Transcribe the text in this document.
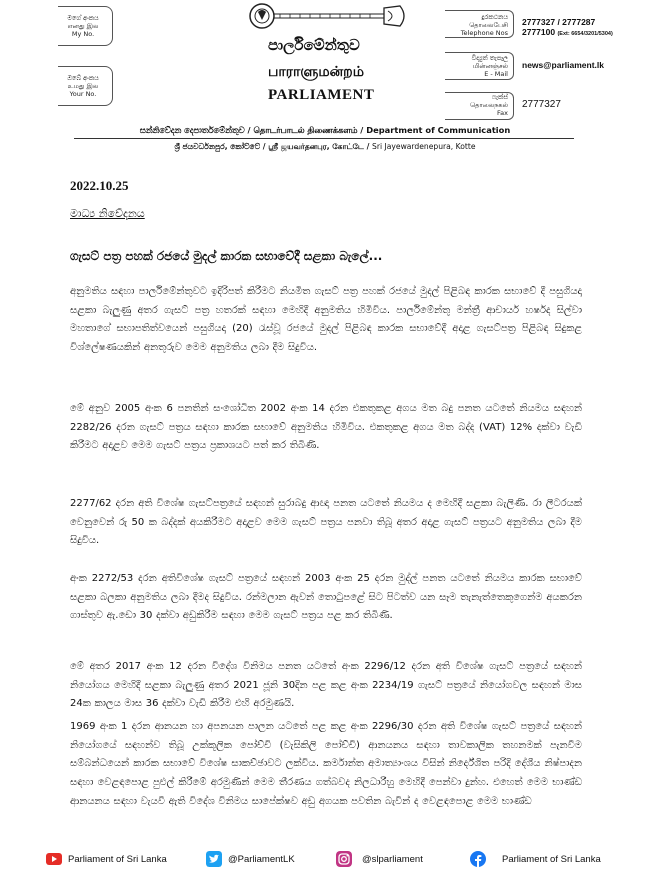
මගේ අංකය
எனது இல
My No.
ඔබේ අංකය
உமது இல
Your No.
පාර්ලිමේන්තුව
பாராளுமன்றம்
PARLIAMENT
දුරකථනය
தொலைபேசி
Telephone Nos
2777327 / 2777287
2777100 (Ext: 6654/3201/5304)
විද්‍යුත් තැපෑල
மின்னஞ்சல்
E - Mail
news@parliament.lk
ෆැක්ස්
தொலைநகல்
Fax
2777327
සන්නිවේදන දෙපාර්තමේන්තුව / தொடர்பாடல் திணைக்களம் / Department of Communication
ශ්‍රී ජයවර්ධනපුර, කෝට්ටේ / ஸ்ரீ ஜயவர்தனபுர, கோட்டே / Sri Jayewardenepura, Kotte
2022.10.25
මාධ්‍ය නිවේදනය
ගැසට් පත්‍ර පහක් රජයේ මුදල් කාරක සභාවේදී සළකා බැලේ...

අනුමතිය සඳහා පාර්ලිමේන්තුවට ඉදිරිපත් කිරීමට නියමිත ගැසට් පත්‍ර පහක් රජයේ මුදල් පිළිබඳ කාරක සභාවේ දී පසුගියදා සළකා බැලුණු අතර ගැසට් පත්‍ර හතරක් සඳහා මෙහිදී අනුමතිය හිමිවිය. පාර්ලිමේන්තු මන්ත්‍රී ආචාර්ය හර්ෂද සිල්වා මහතාගේ සභාපතිත්වයෙන් පසුගියදා (20) රැස්වූ රජයේ මුදල් පිළිබඳ කාරක සභාවේදී අදාළ ගැසට්පත්‍ර පිළිබඳ සිදුකළ විශ්ලේෂණයකින් අනතුරුව මෙම අනුමතිය ලබා දීම සිදුවිය.

මේ අනුව 2005 අංක 6 පනතින් සංශෝධිත 2002 අංක 14 දරන එකතුකළ අගය මත බදු පනත යටතේ නියමය සඳහන් 2282/26 දරන ගැසට් පත්‍රය සඳහා කාරක සභාවේ අනුමතිය හිමිවිය. එකතුකළ අගය මත බද්ද (VAT) 12% දක්වා වැඩි කිරීමට අදාළව මෙම ගැසට් පත්‍රය ප්‍රකාශයට පත් කර තිබිණි.

2277/62 දරන අති විශේෂ ගැසට්පත්‍රයේ සඳහන් සුරාබදු ආඥා පනත යටතේ නියමය ද මෙහිදී සළකා බැලිණි. රා ලීටරයක් වෙනුවෙන් රු 50 ක බද්දක් අයකිරීමට අදාළව මෙම ගැසට් පත්‍රය පනවා තිබූ අතර අදාළ ගැසට් පත්‍රයට අනුමතිය ලබා දීම සිදුවිය.

අංක 2272/53 දරන අතිවිශේෂ ගැසට් පත්‍රයේ සඳහන් 2003 අංක 25 දරන මුද්‍ල් පනත යටතේ නියමය කාරක සභාවේ සළකා බලකා අනුමතිය ලබා දීමද සිදුවිය. රන්මලාන ඇවන් තොටුපළේ සිට පිටත්ව යන සෑම තැනැත්තෙකුගෙන්ම අයකරන ගාස්තුව ඇ.ඩො 30 දක්වා අඩුකිරීම සඳහා මෙම ගැසට් පත්‍රය පළ කර තිබිණි.

මේ අතර 2017 අංක 12 දරන විදේශ විනිමය පනත යටතේ අංක 2296/12 දරන අති විශේෂ ගැසට් පත්‍රයේ සඳහන් නියෝගය මෙහිදී සළකා බැලුණු අතර 2021 ජූනි 30දින පළ කළ අංක 2234/19 ගැසට් පත්‍රයේ නියෝගවල සඳහන් මාස 24ක කාලය මාස 36 දක්වා වැඩි කිරීම එහි අරමුණයි.

1969 අංක 1 දරන ආනයන හා අපනයන පාලන යටතේ පළ කළ අංක 2296/30 දරන අති විශේෂ ගැසට් පත්‍රයේ සඳහන් නියෝගයේ සඳහන්ව තිබූ උක්කූලික පෝච්චි (වැසිකිලි පෝච්චි) ආනයනය සඳහා තාවකාලික තහනමක් පැනවීම සම්බන්ධයෙන් කාරක සභාවේ විශේෂ සාකච්ඡාවට ලක්විය. කර්මාන්ත අමාත්‍යාංශය විසින් නිර්දේශිත පරිදි දේශීය නිෂ්පාදන සඳහා වෙළඳපොළ පුළුල් කිරීමේ අරමුණින් මෙම තීරණය ගත්බවද නිලධාරීහු මෙහිදී පෙන්වා දුන්හ. එහෙත් මෙම භාණ්ඩ ආනයනය සඳහා වැයවී ඇති විදේශ විනිමය සාපේක්ෂව අඩු අගයක පවතින බැවින් ද වෙළඳපොළ මෙම භාණ්ඩ

Parliament of Sri Lanka	@ParliamentLK	@slparliament	Parliament of Sri Lanka
